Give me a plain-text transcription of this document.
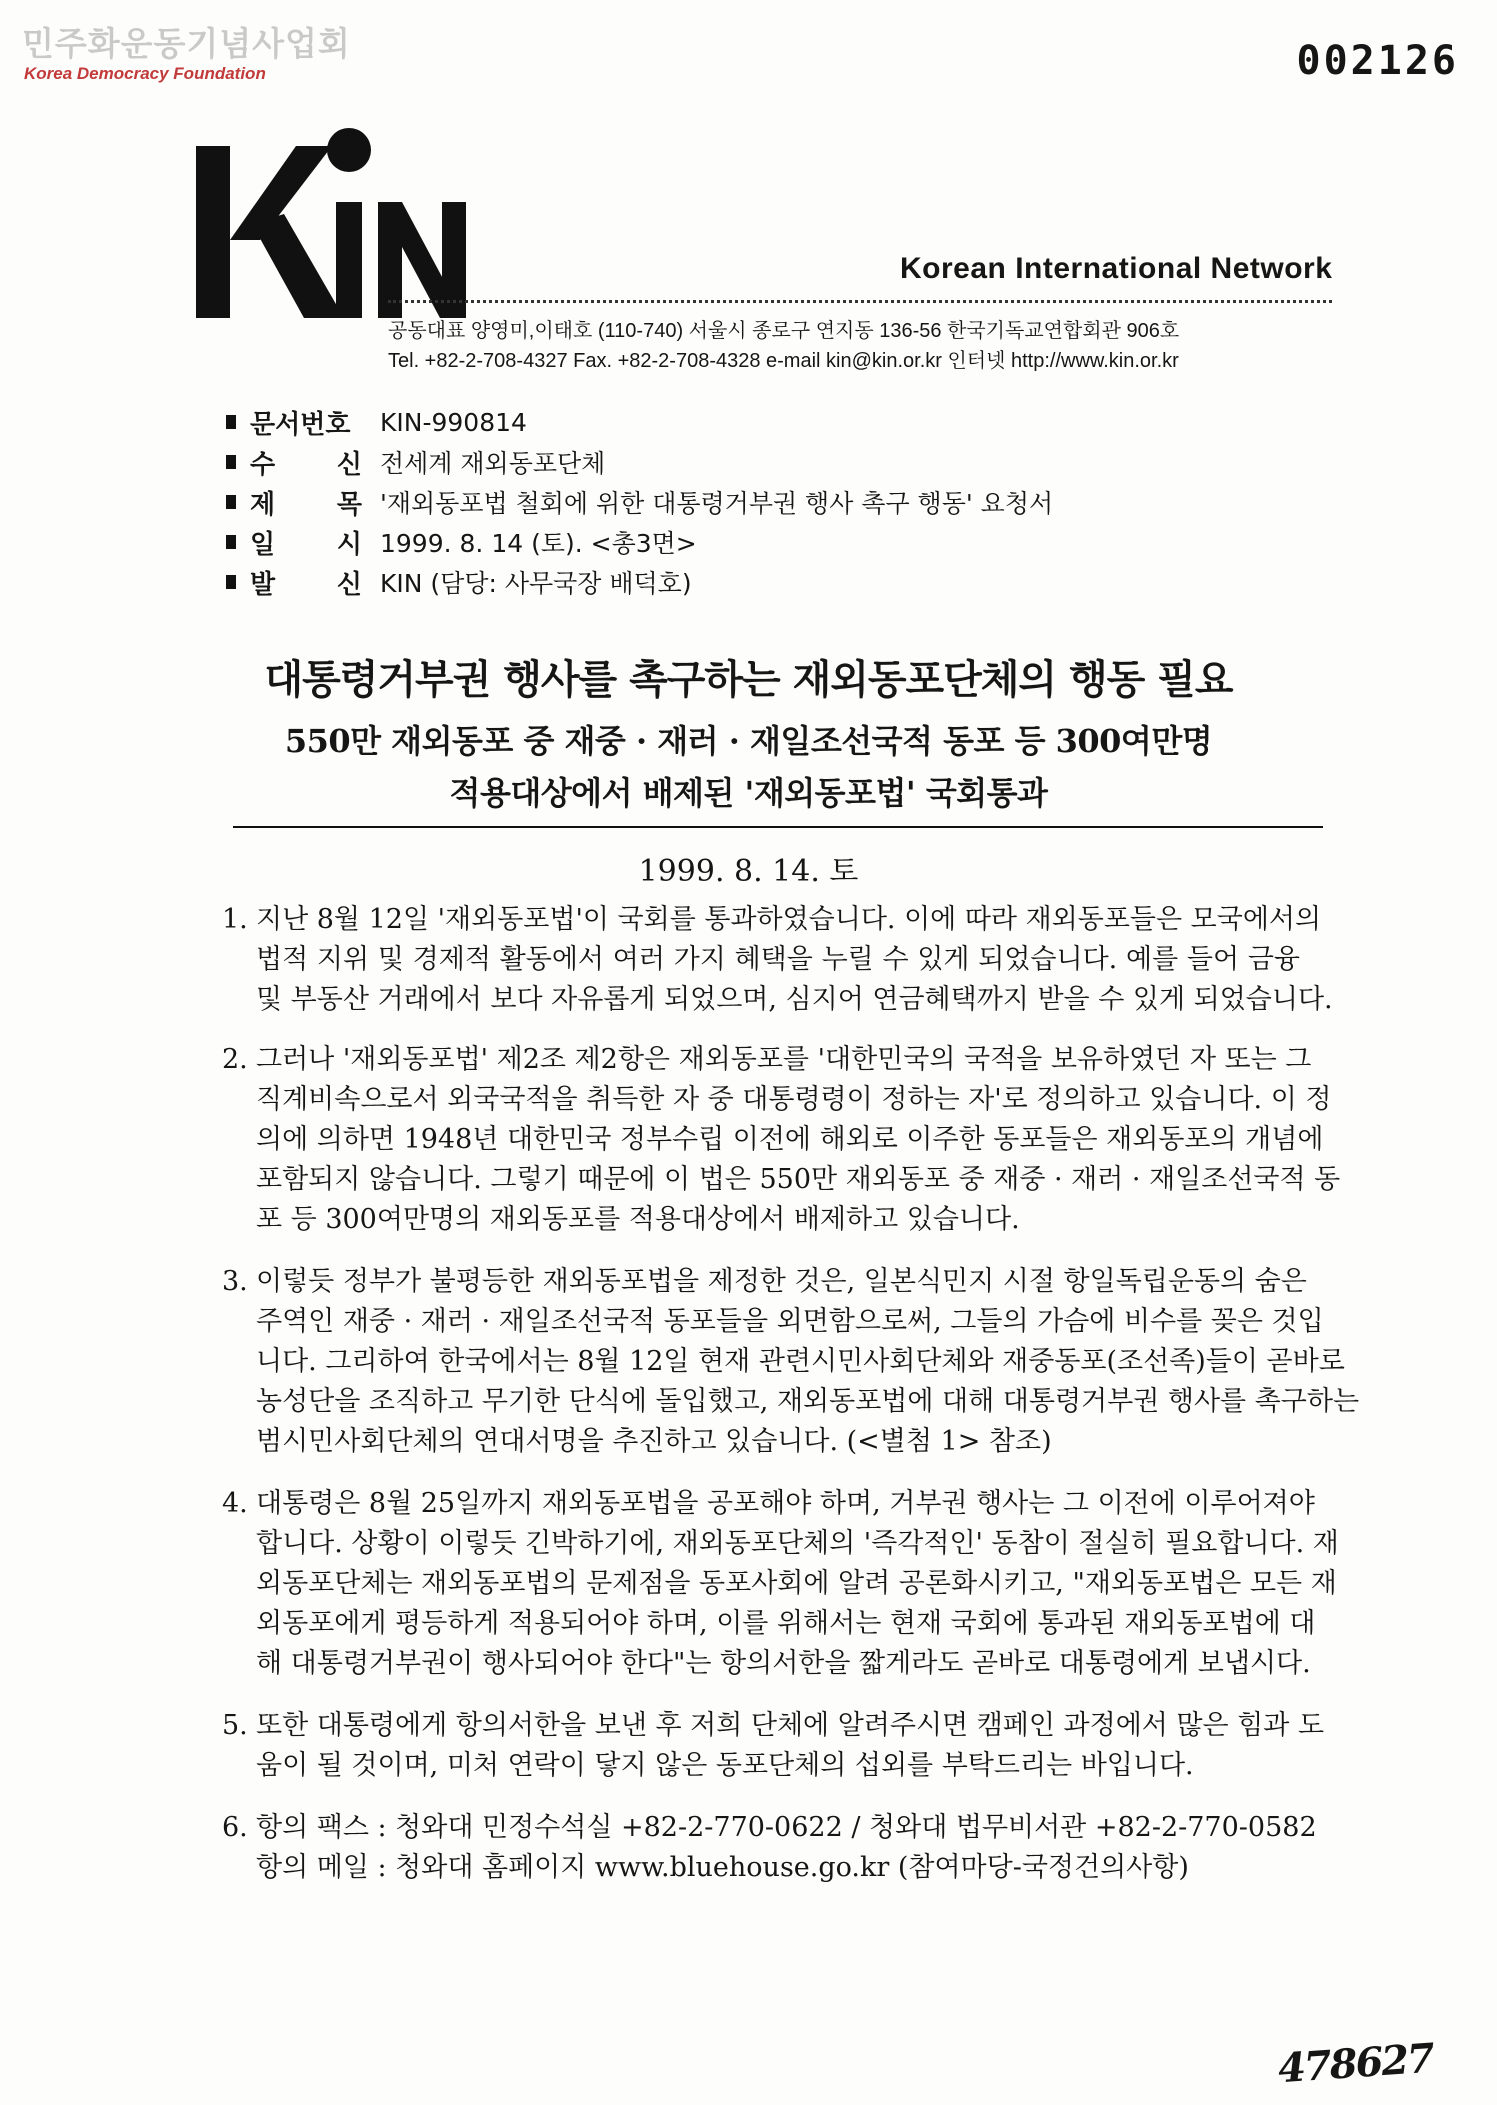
민주화운동기념사업회
Korea Democracy Foundation	002126
Korean International Network
공동대표 양영미,이태호 (110-740) 서울시 종로구 연지동 136-56 한국기독교연합회관 906호
Tel. +82-2-708-4327 Fax. +82-2-708-4328 e-mail kin@kin.or.kr 인터넷 http://www.kin.or.kr
문서번호 KIN-990814
수 신 전세계 재외동포단체
제 목 '재외동포법 철회에 위한 대통령거부권 행사 촉구 행동' 요청서
일 시 1999. 8. 14 (토). <총3면>
발 신 KIN (담당: 사무국장 배덕호)
대통령거부권 행사를 촉구하는 재외동포단체의 행동 필요
550만 재외동포 중 재중 · 재러 · 재일조선국적 동포 등 300여만명
적용대상에서 배제된 '재외동포법' 국회통과
1999. 8. 14. 토
1. 지난 8월 12일 '재외동포법'이 국회를 통과하였습니다. 이에 따라 재외동포들은 모국에서의
법적 지위 및 경제적 활동에서 여러 가지 혜택을 누릴 수 있게 되었습니다. 예를 들어 금융
및 부동산 거래에서 보다 자유롭게 되었으며, 심지어 연금혜택까지 받을 수 있게 되었습니다.
2. 그러나 '재외동포법' 제2조 제2항은 재외동포를 '대한민국의 국적을 보유하였던 자 또는 그
직계비속으로서 외국국적을 취득한 자 중 대통령령이 정하는 자'로 정의하고 있습니다. 이 정
의에 의하면 1948년 대한민국 정부수립 이전에 해외로 이주한 동포들은 재외동포의 개념에
포함되지 않습니다. 그렇기 때문에 이 법은 550만 재외동포 중 재중 · 재러 · 재일조선국적 동
포 등 300여만명의 재외동포를 적용대상에서 배제하고 있습니다.
3. 이렇듯 정부가 불평등한 재외동포법을 제정한 것은, 일본식민지 시절 항일독립운동의 숨은
주역인 재중 · 재러 · 재일조선국적 동포들을 외면함으로써, 그들의 가슴에 비수를 꽂은 것입
니다. 그리하여 한국에서는 8월 12일 현재 관련시민사회단체와 재중동포(조선족)들이 곧바로
농성단을 조직하고 무기한 단식에 돌입했고, 재외동포법에 대해 대통령거부권 행사를 촉구하는
범시민사회단체의 연대서명을 추진하고 있습니다. (<별첨 1> 참조)
4. 대통령은 8월 25일까지 재외동포법을 공포해야 하며, 거부권 행사는 그 이전에 이루어져야
합니다. 상황이 이렇듯 긴박하기에, 재외동포단체의 '즉각적인' 동참이 절실히 필요합니다. 재
외동포단체는 재외동포법의 문제점을 동포사회에 알려 공론화시키고, "재외동포법은 모든 재
외동포에게 평등하게 적용되어야 하며, 이를 위해서는 현재 국회에 통과된 재외동포법에 대
해 대통령거부권이 행사되어야 한다"는 항의서한을 짧게라도 곧바로 대통령에게 보냅시다.
5. 또한 대통령에게 항의서한을 보낸 후 저희 단체에 알려주시면 캠페인 과정에서 많은 힘과 도
움이 될 것이며, 미처 연락이 닿지 않은 동포단체의 섭외를 부탁드리는 바입니다.
6. 항의 팩스 : 청와대 민정수석실 +82-2-770-0622 / 청와대 법무비서관 +82-2-770-0582
항의 메일 : 청와대 홈페이지 www.bluehouse.go.kr (참여마당-국정건의사항)
478627
